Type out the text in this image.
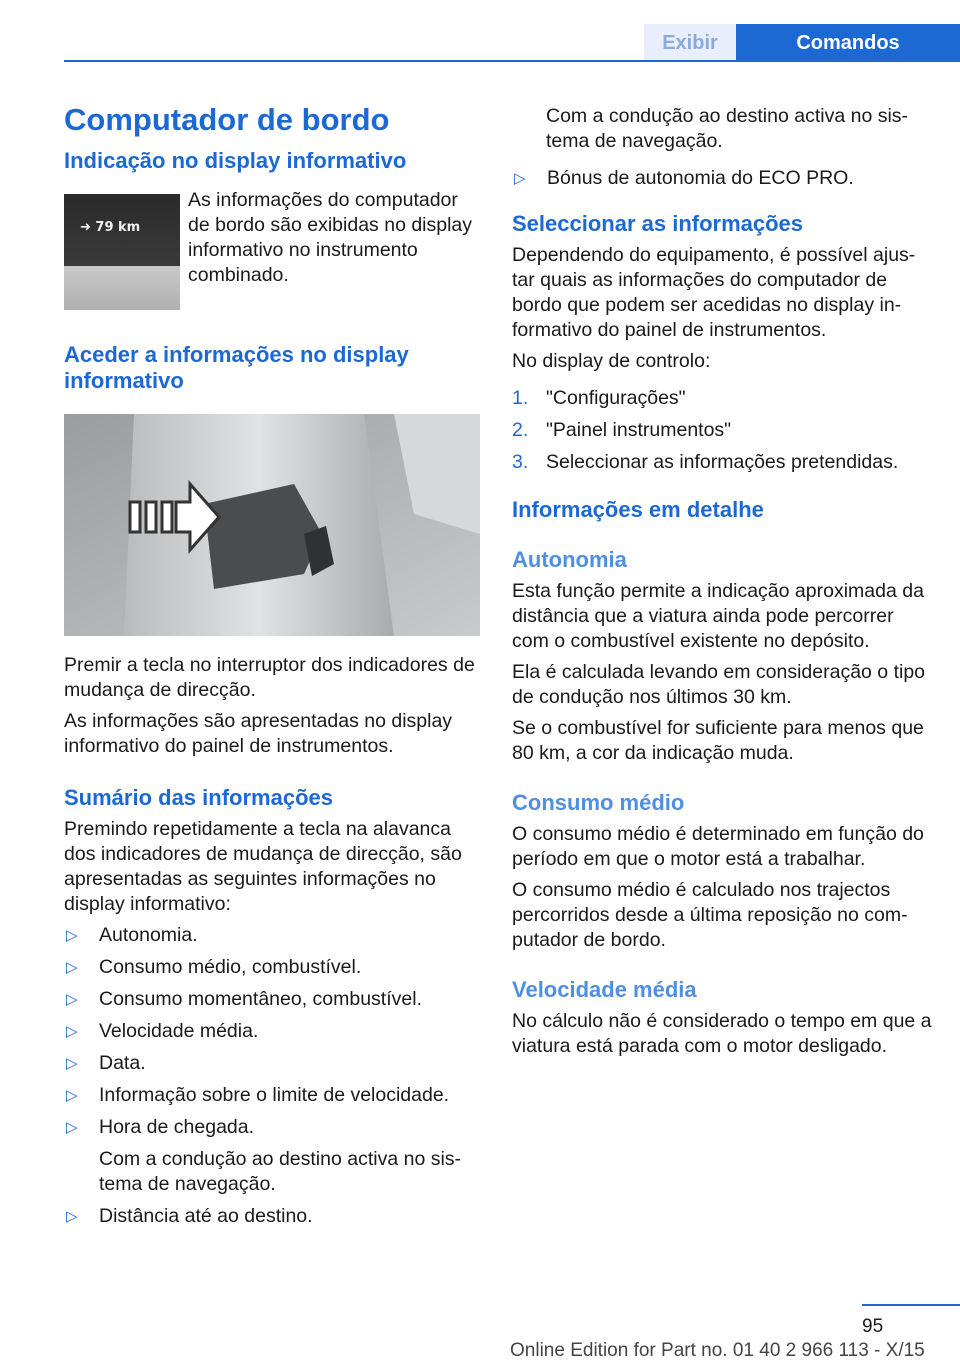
Exibir	Comandos
Computador de bordo
Indicação no display informativo
➜ 79 km

As informações do computador de bordo são exibidas no display informativo no instrumento combinado.

Aceder a informações no display informativo

Premir a tecla no interruptor dos indicadores de mudança de direcção.

As informações são apresentadas no display informativo do painel de instrumentos.

Sumário das informações

Premindo repetidamente a tecla na alavanca dos indicadores de mudança de direcção, são apresentadas as seguintes informações no display informativo:

▷ Autonomia.
▷ Consumo médio, combustível.
▷ Consumo momentâneo, combustível.
▷ Velocidade média.
▷ Data.
▷ Informação sobre o limite de velocidade.
▷ Hora de chegada.
Com a condução ao destino activa no sis-tema de navegação.
▷ Distância até ao destino.

Com a condução ao destino activa no sis-tema de navegação.

▷ Bónus de autonomia do ECO PRO.
Seleccionar as informações

Dependendo do equipamento, é possível ajus-tar quais as informações do computador de bordo que podem ser acedidas no display in-formativo do painel de instrumentos.

No display de controlo:

1. "Configurações"
2. "Painel instrumentos"
3. Seleccionar as informações pretendidas.
Informações em detalhe
Autonomia

Esta função permite a indicação aproximada da distância que a viatura ainda pode percorrer com o combustível existente no depósito.

Ela é calculada levando em consideração o tipo de condução nos últimos 30 km.

Se o combustível for suficiente para menos que 80 km, a cor da indicação muda.

Consumo médio

O consumo médio é determinado em função do período em que o motor está a trabalhar.

O consumo médio é calculado nos trajectos percorridos desde a última reposição no com-putador de bordo.

Velocidade média

No cálculo não é considerado o tempo em que a viatura está parada com o motor desligado.

95
Online Edition for Part no. 01 40 2 966 113 - X/15
